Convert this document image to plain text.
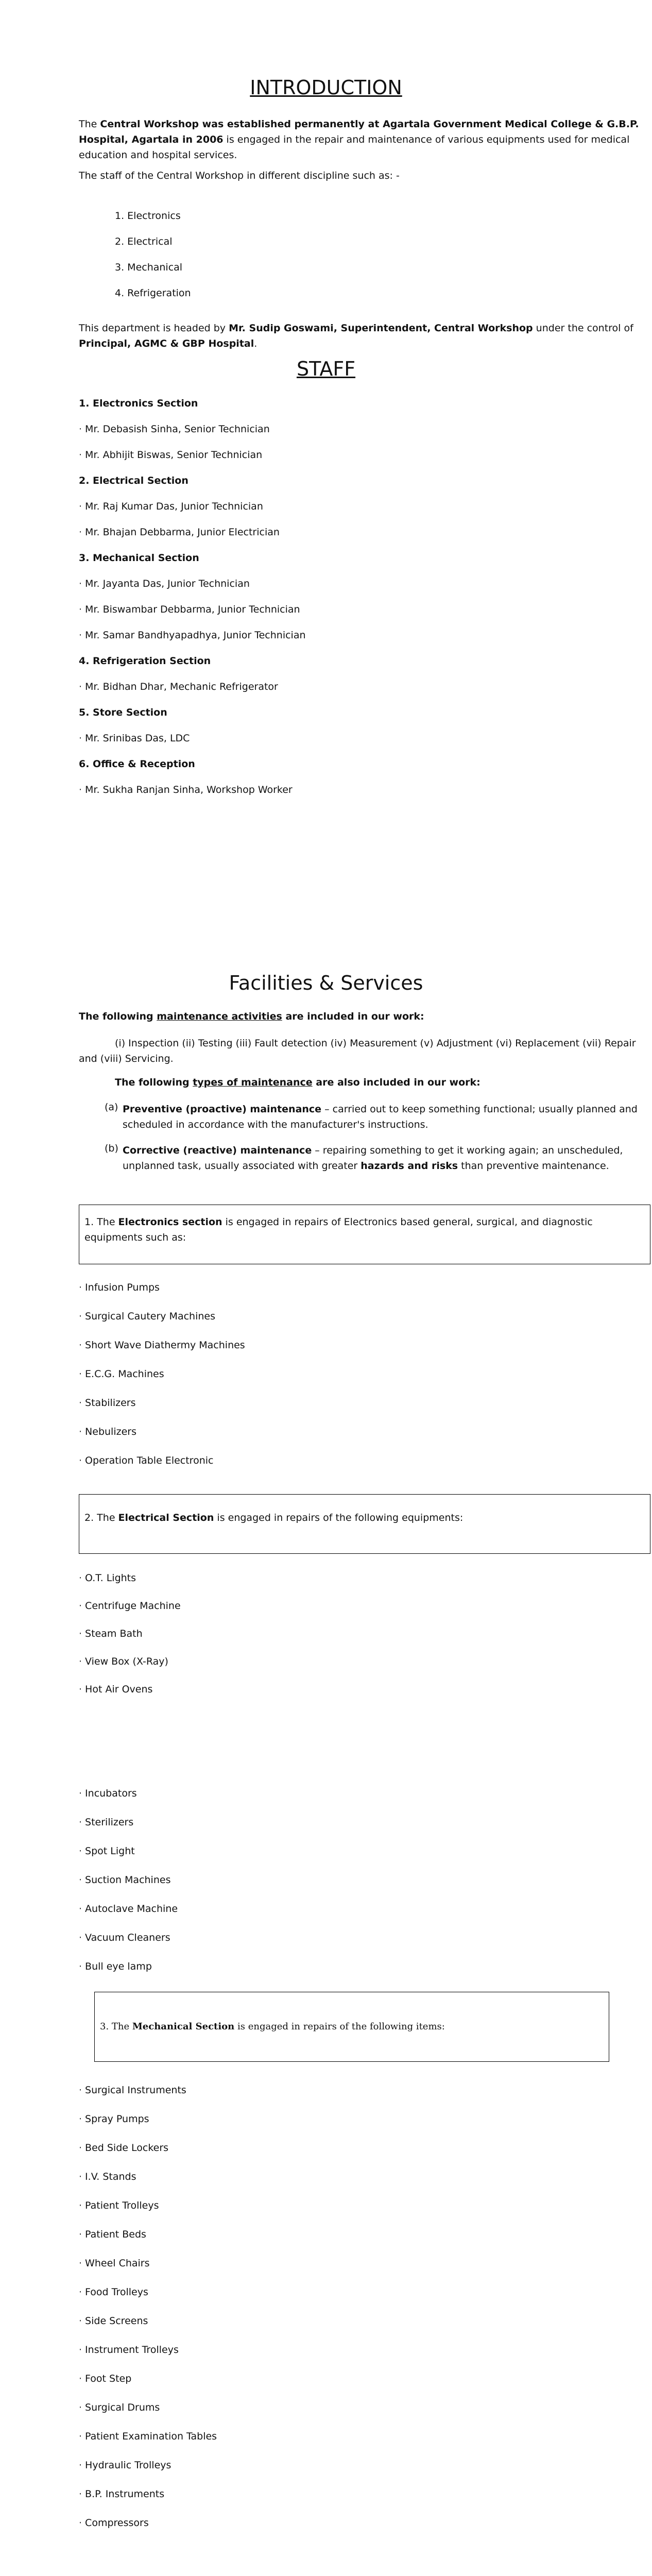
INTRODUCTION

The Central Workshop was established permanently at Agartala Government Medical College & G.B.P. Hospital, Agartala in 2006 is engaged in the repair and maintenance of various equipments used for medical education and hospital services.

The staff of the Central Workshop in different discipline such as: -
1. Electronics
2. Electrical
3. Mechanical
4. Refrigeration

This department is headed by Mr. Sudip Goswami, Superintendent, Central Workshop under the control of Principal, AGMC & GBP Hospital.

STAFF
1. Electronics Section
· Mr. Debasish Sinha, Senior Technician
· Mr. Abhijit Biswas, Senior Technician
2. Electrical Section
· Mr. Raj Kumar Das, Junior Technician
· Mr. Bhajan Debbarma, Junior Electrician
3. Mechanical Section
· Mr. Jayanta Das, Junior Technician
· Mr. Biswambar Debbarma, Junior Technician
· Mr. Samar Bandhyapadhya, Junior Technician
4. Refrigeration Section
· Mr. Bidhan Dhar, Mechanic Refrigerator
5. Store Section
· Mr. Srinibas Das, LDC
6. Office & Reception
· Mr. Sukha Ranjan Sinha, Workshop Worker
Facilities & Services
The following maintenance activities are included in our work:
(i) Inspection (ii) Testing (iii) Fault detection (iv) Measurement (v) Adjustment (vi) Replacement (vii) Repair and (viii) Servicing.
The following types of maintenance are also included in our work:
(a) Preventive (proactive) maintenance – carried out to keep something functional; usually planned and scheduled in accordance with the manufacturer's instructions.
(b) Corrective (reactive) maintenance – repairing something to get it working again; an unscheduled, unplanned task, usually associated with greater hazards and risks than preventive maintenance.
1. The Electronics section is engaged in repairs of Electronics based general, surgical, and diagnostic equipments such as:
· Infusion Pumps
· Surgical Cautery Machines
· Short Wave Diathermy Machines
· E.C.G. Machines
· Stabilizers
· Nebulizers
· Operation Table Electronic
2. The Electrical Section is engaged in repairs of the following equipments:
· O.T. Lights
· Centrifuge Machine
· Steam Bath
· View Box (X-Ray)
· Hot Air Ovens
· Incubators
· Sterilizers
· Spot Light
· Suction Machines
· Autoclave Machine
· Vacuum Cleaners
· Bull eye lamp
3. The Mechanical Section is engaged in repairs of the following items:
· Surgical Instruments
· Spray Pumps
· Bed Side Lockers
· I.V. Stands
· Patient Trolleys
· Patient Beds
· Wheel Chairs
· Food Trolleys
· Side Screens
· Instrument Trolleys
· Foot Step
· Surgical Drums
· Patient Examination Tables
· Hydraulic Trolleys
· B.P. Instruments
· Compressors
